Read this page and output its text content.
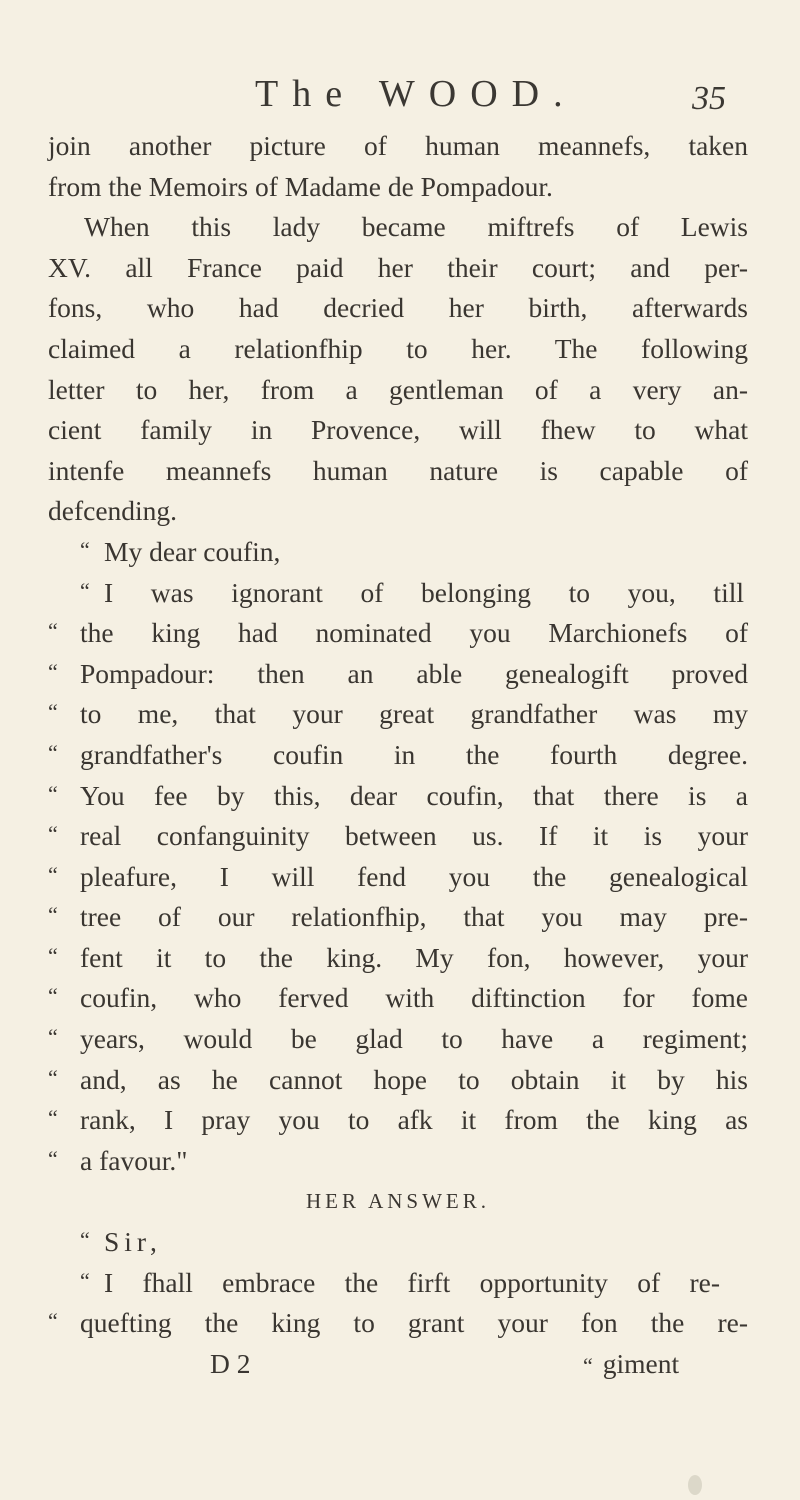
The WOOD.	35
join another picture of human meannefs, taken
from the Memoirs of Madame de Pompadour.
When this lady became miftrefs of Lewis
XV. all France paid her their court; and per-
fons, who had decried her birth, afterwards
claimed a relationfhip to her. The following
letter to her, from a gentleman of a very an-
cient family in Provence, will fhew to what
intenfe meannefs human nature is capable of
defcending.
“ My dear coufin,
“ I was ignorant of belonging to you, till
“ the king had nominated you Marchionefs of
“ Pompadour: then an able genealogift proved
“ to me, that your great grandfather was my
“ grandfather's coufin in the fourth degree.
“ You fee by this, dear coufin, that there is a
“ real confanguinity between us. If it is your
“ pleafure, I will fend you the genealogical
“ tree of our relationfhip, that you may pre-
“ fent it to the king. My fon, however, your
“ coufin, who ferved with diftinction for fome
“ years, would be glad to have a regiment;
“ and, as he cannot hope to obtain it by his
“ rank, I pray you to afk it from the king as
“ a favour."
HER ANSWER.
“ Sir,
“ I fhall embrace the firft opportunity of re-
“ quefting the king to grant your fon the re-
D 2	“ giment
